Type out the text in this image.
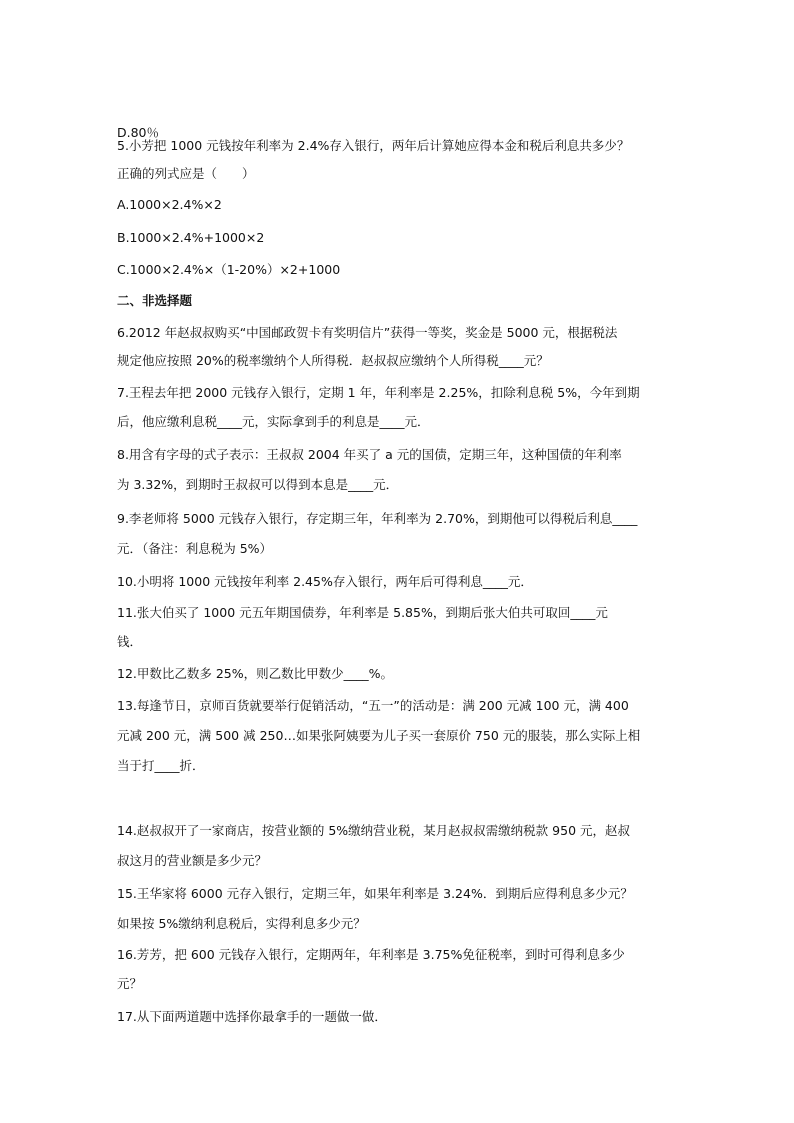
D.80％
5.小芳把 1000 元钱按年利率为 2.4%存入银行，两年后计算她应得本金和税后利息共多少？
正确的列式应是（　　）
A.1000×2.4%×2
B.1000×2.4%+1000×2
C.1000×2.4%×（1-20%）×2+1000
二、非选择题
6.2012 年赵叔叔购买“中国邮政贺卡有奖明信片”获得一等奖，奖金是 5000 元，根据税法
规定他应按照 20%的税率缴纳个人所得税．赵叔叔应缴纳个人所得税____元？
7.王程去年把 2000 元钱存入银行，定期 1 年，年利率是 2.25%，扣除利息税 5%，今年到期
后，他应缴利息税____元，实际拿到手的利息是____元．
8.用含有字母的式子表示：王叔叔 2004 年买了 a 元的国债，定期三年，这种国债的年利率
为 3.32%，到期时王叔叔可以得到本息是____元．
9.李老师将 5000 元钱存入银行，存定期三年，年利率为 2.70%，到期他可以得税后利息____
元．（备注：利息税为 5%）
10.小明将 1000 元钱按年利率 2.45%存入银行，两年后可得利息____元．
11.张大伯买了 1000 元五年期国债券，年利率是 5.85%，到期后张大伯共可取回____元
钱．
12.甲数比乙数多 25%，则乙数比甲数少____%。
13.每逢节日，京师百货就要举行促销活动，“五一”的活动是：满 200 元减 100 元，满 400
元减 200 元，满 500 减 250…如果张阿姨要为儿子买一套原价 750 元的服装，那么实际上相
当于打____折．
14.赵叔叔开了一家商店，按营业额的 5%缴纳营业税，某月赵叔叔需缴纳税款 950 元，赵叔
叔这月的营业额是多少元？
15.王华家将 6000 元存入银行，定期三年，如果年利率是 3.24%．到期后应得利息多少元？
如果按 5%缴纳利息税后，实得利息多少元？
16.芳芳，把 600 元钱存入银行，定期两年，年利率是 3.75%免征税率，到时可得利息多少
元？
17.从下面两道题中选择你最拿手的一题做一做．
